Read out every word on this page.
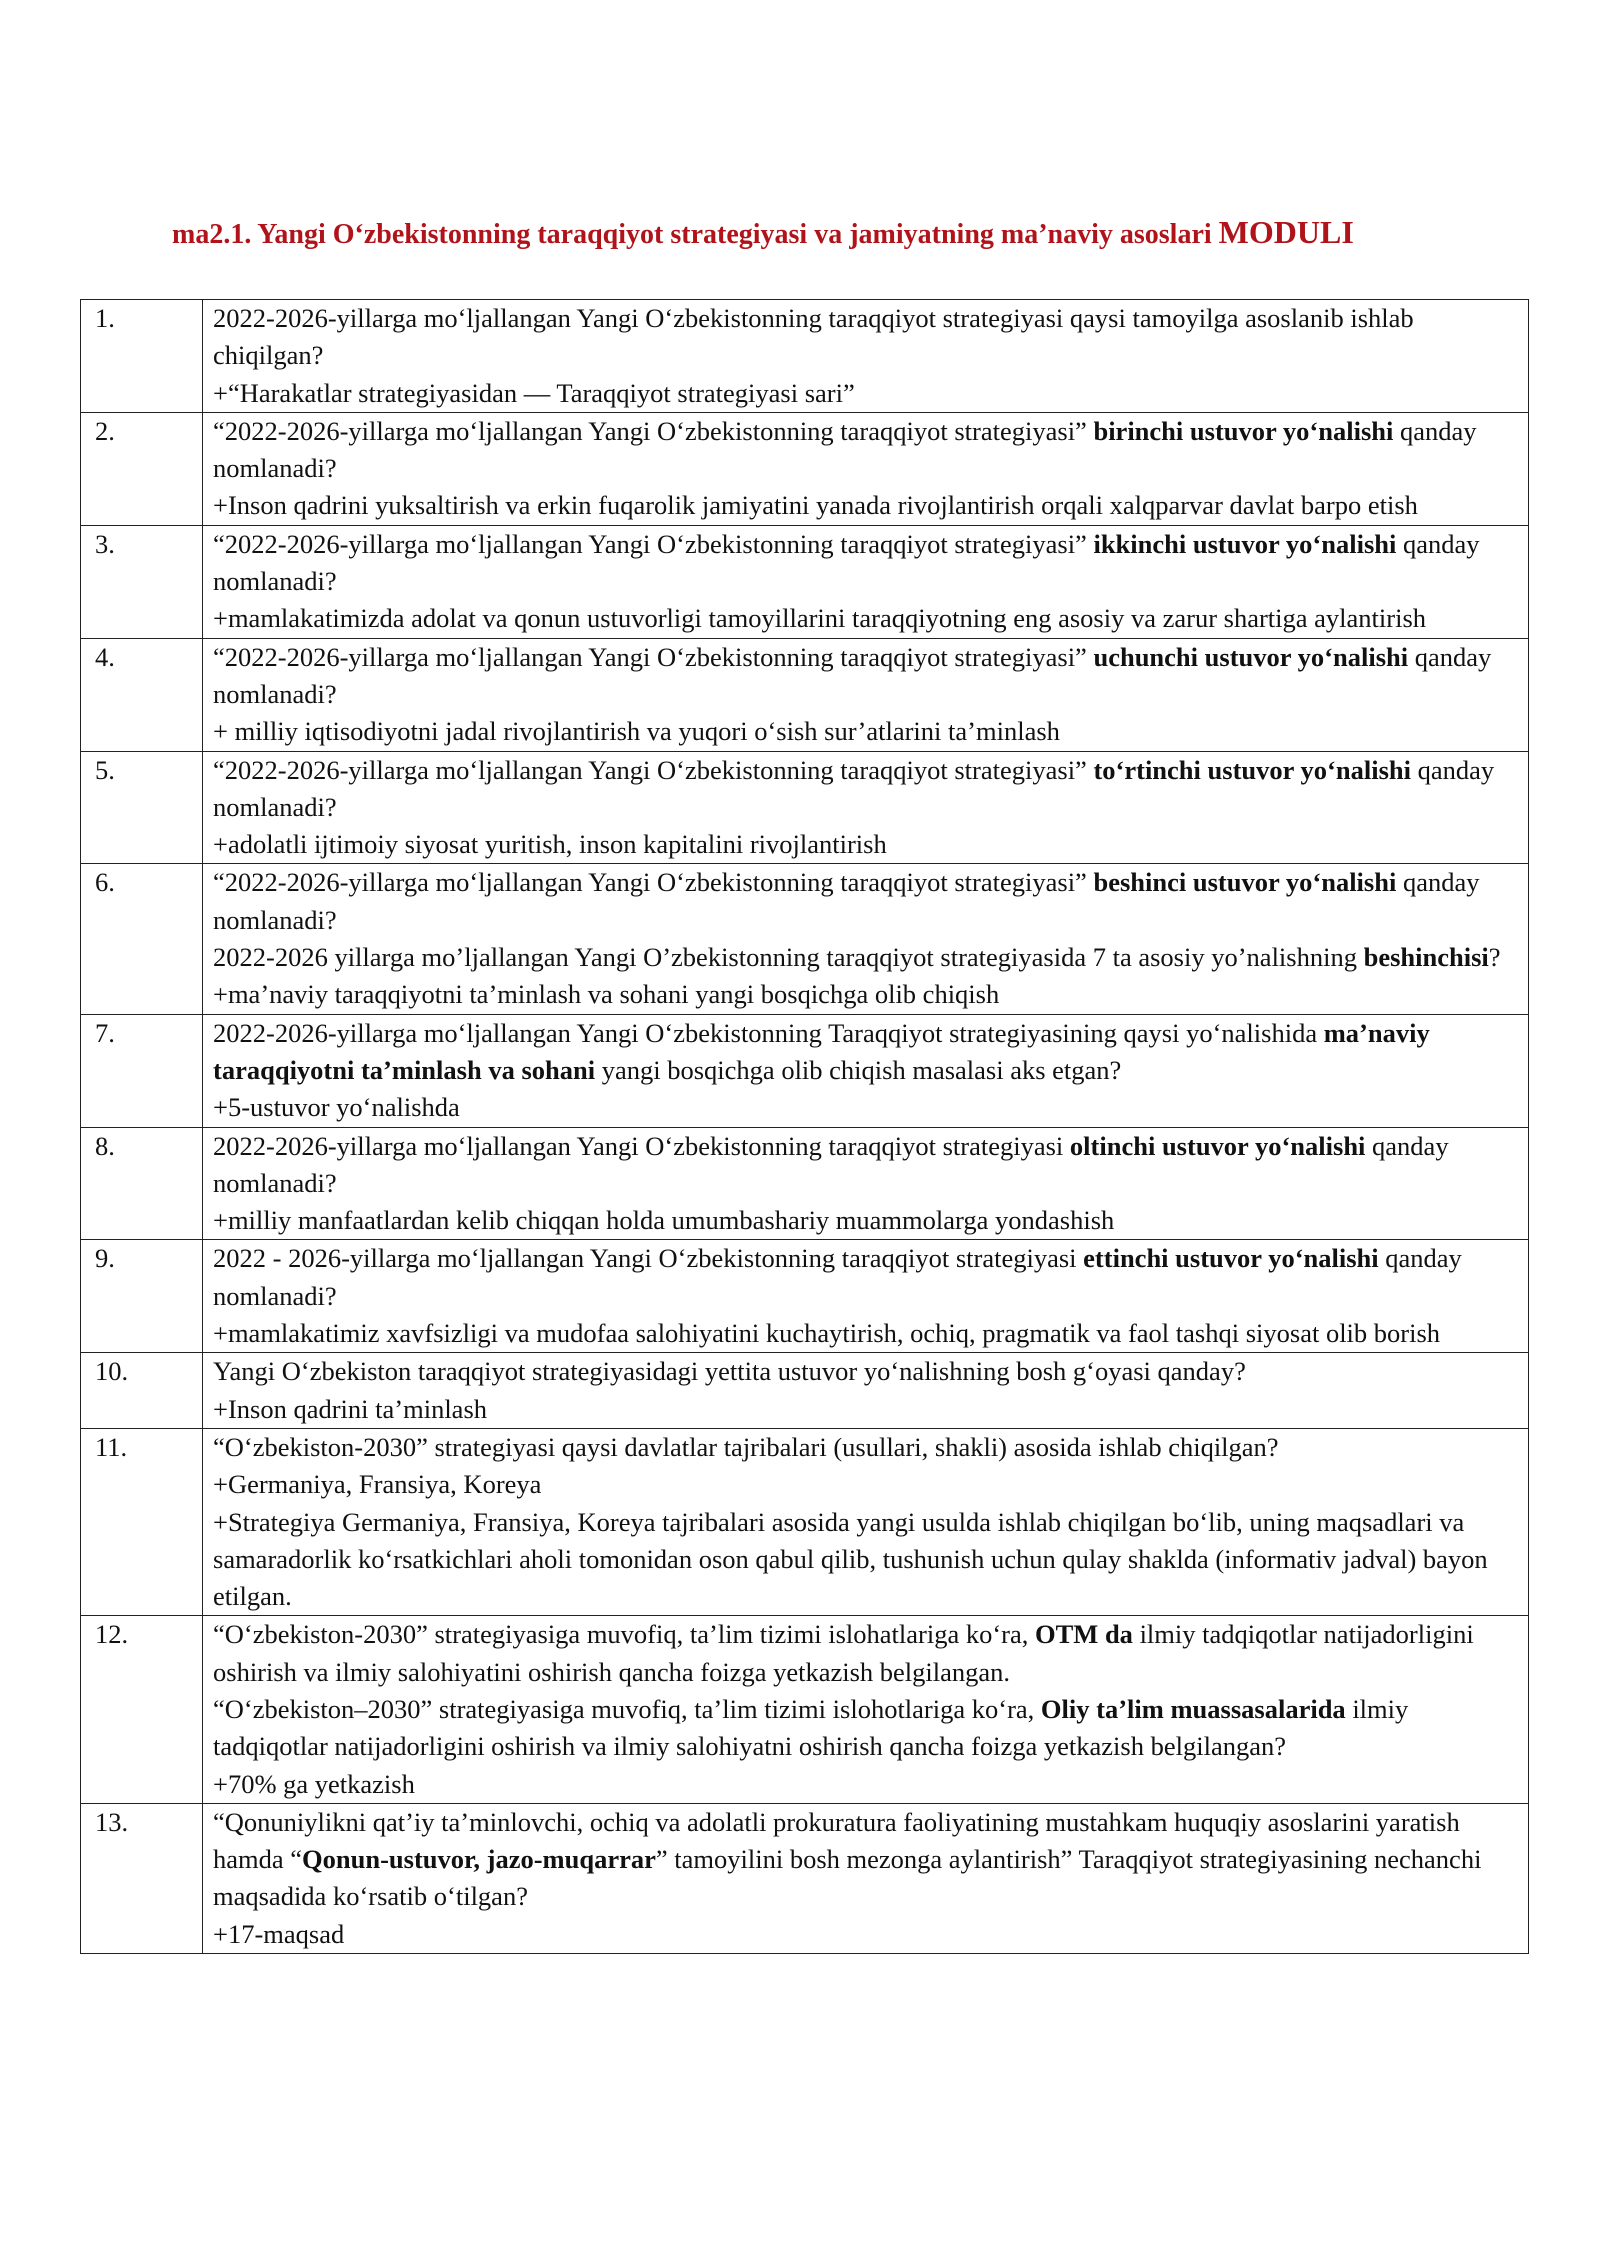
ma2.1. Yangi O‘zbekistonning taraqqiyot strategiyasi va jamiyatning ma’naviy asoslari MODULI
1.	2022-2026-yillarga mo‘ljallangan Yangi O‘zbekistonning taraqqiyot strategiyasi qaysi tamoyilga asoslanib ishlab chiqilgan?
+“Harakatlar strategiyasidan — Taraqqiyot strategiyasi sari”

2.	“2022-2026-yillarga mo‘ljallangan Yangi O‘zbekistonning taraqqiyot strategiyasi” birinchi ustuvor yo‘nalishi qanday nomlanadi?
+Inson qadrini yuksaltirish va erkin fuqarolik jamiyatini yanada rivojlantirish orqali xalqparvar davlat barpo etish

3.	“2022-2026-yillarga mo‘ljallangan Yangi O‘zbekistonning taraqqiyot strategiyasi” ikkinchi ustuvor yo‘nalishi qanday nomlanadi?
+mamlakatimizda adolat va qonun ustuvorligi tamoyillarini taraqqiyotning eng asosiy va zarur shartiga aylantirish

4.	“2022-2026-yillarga mo‘ljallangan Yangi O‘zbekistonning taraqqiyot strategiyasi” uchunchi ustuvor yo‘nalishi qanday nomlanadi?
+ milliy iqtisodiyotni jadal rivojlantirish va yuqori o‘sish sur’atlarini ta’minlash

5.	“2022-2026-yillarga mo‘ljallangan Yangi O‘zbekistonning taraqqiyot strategiyasi” to‘rtinchi ustuvor yo‘nalishi qanday nomlanadi?
+adolatli ijtimoiy siyosat yuritish, inson kapitalini rivojlantirish

6.	“2022-2026-yillarga mo‘ljallangan Yangi O‘zbekistonning taraqqiyot strategiyasi” beshinci ustuvor yo‘nalishi qanday nomlanadi?
2022-2026 yillarga mo’ljallangan Yangi O’zbekistonning taraqqiyot strategiyasida 7 ta asosiy yo’nalishning beshinchisi?
+ma’naviy taraqqiyotni ta’minlash va sohani yangi bosqichga olib chiqish

7.	2022-2026-yillarga mo‘ljallangan Yangi O‘zbekistonning Taraqqiyot strategiyasining qaysi yo‘nalishida ma’naviy taraqqiyotni ta’minlash va sohani yangi bosqichga olib chiqish masalasi aks etgan?
+5-ustuvor yo‘nalishda

8.	2022-2026-yillarga mo‘ljallangan Yangi O‘zbekistonning taraqqiyot strategiyasi oltinchi ustuvor yo‘nalishi qanday nomlanadi?
+milliy manfaatlardan kelib chiqqan holda umumbashariy muammolarga yondashish

9.	2022 - 2026-yillarga mo‘ljallangan Yangi O‘zbekistonning taraqqiyot strategiyasi ettinchi ustuvor yo‘nalishi qanday nomlanadi?
+mamlakatimiz xavfsizligi va mudofaa salohiyatini kuchaytirish, ochiq, pragmatik va faol tashqi siyosat olib borish

10.	Yangi O‘zbekiston taraqqiyot strategiyasidagi yettita ustuvor yo‘nalishning bosh g‘oyasi qanday?
+Inson qadrini ta’minlash

11.	“O‘zbekiston-2030” strategiyasi qaysi davlatlar tajribalari (usullari, shakli) asosida ishlab chiqilgan?
+Germaniya, Fransiya, Koreya
+Strategiya Germaniya, Fransiya, Koreya tajribalari asosida yangi usulda ishlab chiqilgan bo‘lib, uning maqsadlari va samaradorlik ko‘rsatkichlari aholi tomonidan oson qabul qilib, tushunish uchun qulay shaklda (informativ jadval) bayon etilgan.

12.	“O‘zbekiston-2030” strategiyasiga muvofiq, ta’lim tizimi islohatlariga ko‘ra, OTM da ilmiy tadqiqotlar natijadorligini oshirish va ilmiy salohiyatini oshirish qancha foizga yetkazish belgilangan.
“O‘zbekiston–2030” strategiyasiga muvofiq, ta’lim tizimi islohotlariga ko‘ra, Oliy ta’lim muassasalarida ilmiy tadqiqotlar natijadorligini oshirish va ilmiy salohiyatni oshirish qancha foizga yetkazish belgilangan?
+70% ga yetkazish

13.	“Qonuniylikni qat’iy ta’minlovchi, ochiq va adolatli prokuratura faoliyatining mustahkam huquqiy asoslarini yaratish hamda “Qonun-ustuvor, jazo-muqarrar” tamoyilini bosh mezonga aylantirish” Taraqqiyot strategiyasining nechanchi maqsadida ko‘rsatib o‘tilgan?
+17-maqsad
